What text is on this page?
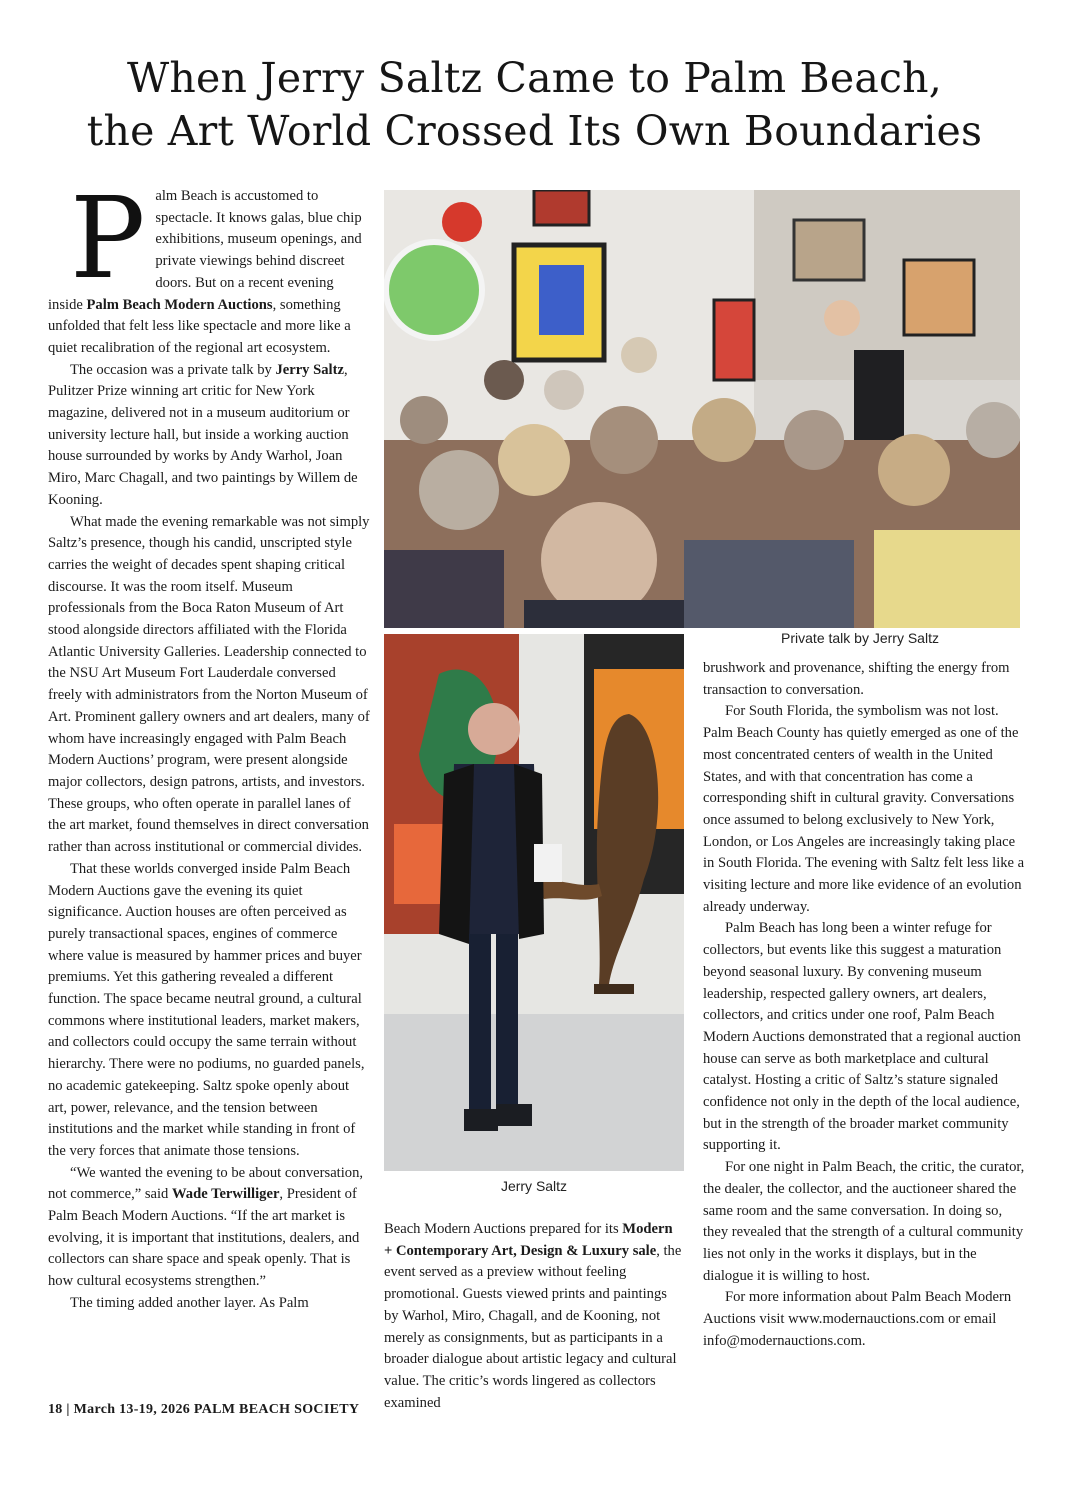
When Jerry Saltz Came to Palm Beach,
the Art World Crossed Its Own Boundaries
P alm Beach is accustomed to spectacle. It knows galas, blue chip exhibitions, museum openings, and private viewings behind discreet doors. But on a recent evening inside Palm Beach Modern Auctions, something unfolded that felt less like spectacle and more like a quiet recalibration of the regional art ecosystem.

The occasion was a private talk by Jerry Saltz, Pulitzer Prize winning art critic for New York magazine, delivered not in a museum auditorium or university lecture hall, but inside a working auction house surrounded by works by Andy Warhol, Joan Miro, Marc Chagall, and two paintings by Willem de Kooning.

What made the evening remarkable was not simply Saltz’s presence, though his candid, unscripted style carries the weight of decades spent shaping critical discourse. It was the room itself. Museum professionals from the Boca Raton Museum of Art stood alongside directors affiliated with the Florida Atlantic University Galleries. Leadership connected to the NSU Art Museum Fort Lauderdale conversed freely with administrators from the Norton Museum of Art. Prominent gallery owners and art dealers, many of whom have increasingly engaged with Palm Beach Modern Auctions’ program, were present alongside major collectors, design patrons, artists, and investors. These groups, who often operate in parallel lanes of the art market, found themselves in direct conversation rather than across institutional or commercial divides.

That these worlds converged inside Palm Beach Modern Auctions gave the evening its quiet significance. Auction houses are often perceived as purely transactional spaces, engines of commerce where value is measured by hammer prices and buyer premiums. Yet this gathering revealed a different function. The space became neutral ground, a cultural commons where institutional leaders, market makers, and collectors could occupy the same terrain without hierarchy. There were no podiums, no guarded panels, no academic gatekeeping. Saltz spoke openly about art, power, relevance, and the tension between institutions and the market while standing in front of the very forces that animate those tensions.

“We wanted the evening to be about conversation, not commerce,” said Wade Terwilliger, President of Palm Beach Modern Auctions. “If the art market is evolving, it is important that institutions, dealers, and collectors can share space and speak openly. That is how cultural ecosystems strengthen.”

The timing added another layer. As Palm

Private talk by Jerry Saltz
Jerry Saltz

Beach Modern Auctions prepared for its Modern + Contemporary Art, Design & Luxury sale, the event served as a preview without feeling promotional. Guests viewed prints and paintings by Warhol, Miro, Chagall, and de Kooning, not merely as consignments, but as participants in a broader dialogue about artistic legacy and cultural value. The critic’s words lingered as collectors examined

brushwork and provenance, shifting the energy from transaction to conversation.

For South Florida, the symbolism was not lost. Palm Beach County has quietly emerged as one of the most concentrated centers of wealth in the United States, and with that concentration has come a corresponding shift in cultural gravity. Conversations once assumed to belong exclusively to New York, London, or Los Angeles are increasingly taking place in South Florida. The evening with Saltz felt less like a visiting lecture and more like evidence of an evolution already underway.

Palm Beach has long been a winter refuge for collectors, but events like this suggest a maturation beyond seasonal luxury. By convening museum leadership, respected gallery owners, art dealers, collectors, and critics under one roof, Palm Beach Modern Auctions demonstrated that a regional auction house can serve as both marketplace and cultural catalyst. Hosting a critic of Saltz’s stature signaled confidence not only in the depth of the local audience, but in the strength of the broader market community supporting it.

For one night in Palm Beach, the critic, the curator, the dealer, the collector, and the auctioneer shared the same room and the same conversation. In doing so, they revealed that the strength of a cultural community lies not only in the works it displays, but in the dialogue it is willing to host.

For more information about Palm Beach Modern Auctions visit www.modernauctions.com or email info@modernauctions.com.

18 | March 13-19, 2026 PALM BEACH SOCIETY
